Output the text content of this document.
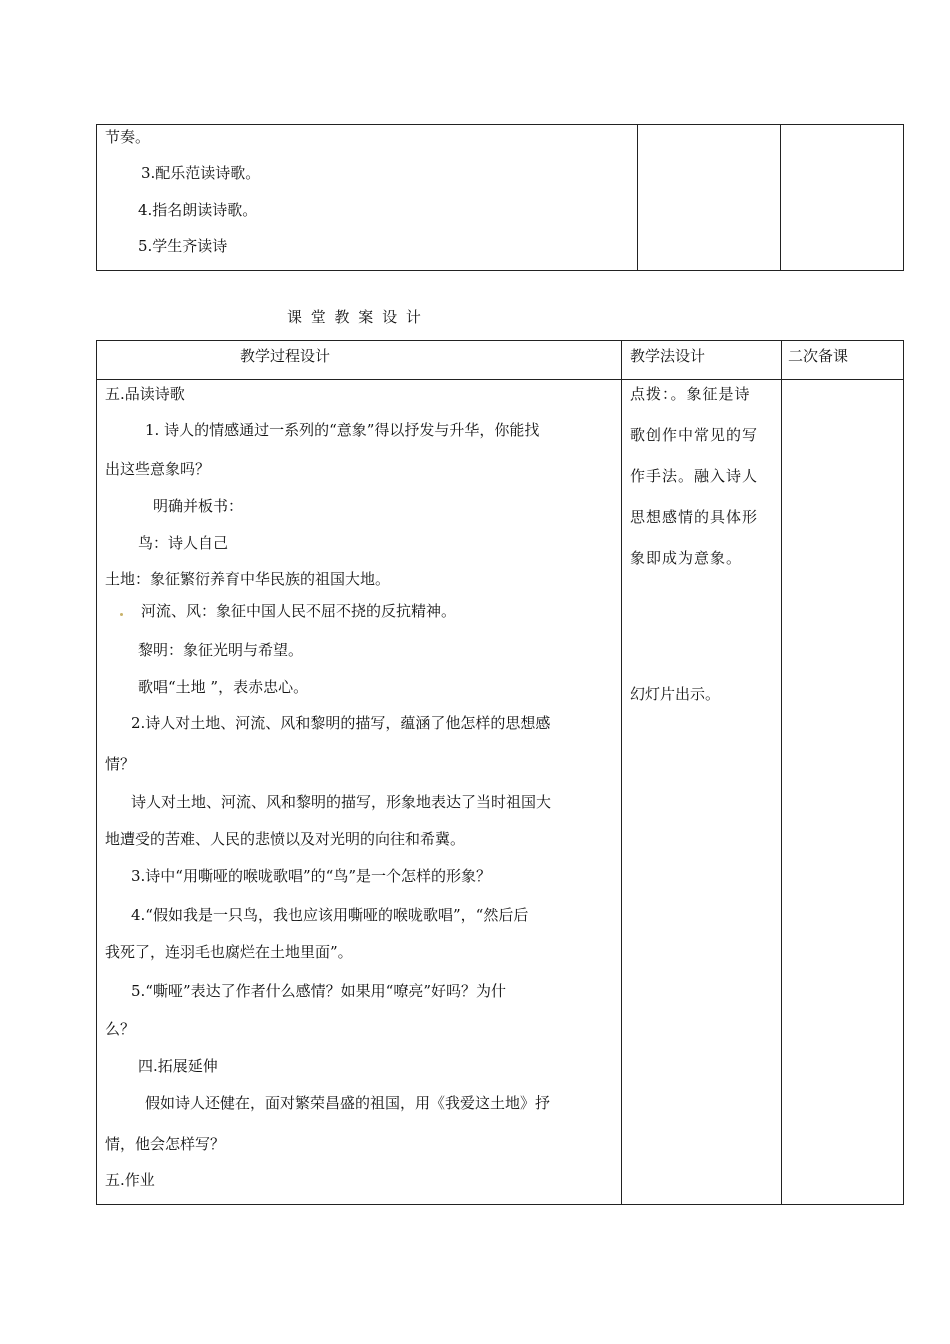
节奏。
3.配乐范读诗歌。
4.指名朗读诗歌。
5.学生齐读诗
课 堂 教 案 设 计
教学过程设计	教学法设计	二次备课
五.品读诗歌
1. 诗人的情感通过一系列的“意象”得以抒发与升华，你能找
出这些意象吗？
明确并板书：
鸟：诗人自己
土地：象征繁衍养育中华民族的祖国大地。
河流、风：象征中国人民不屈不挠的反抗精神。
黎明：象征光明与希望。
歌唱“土地 ”，表赤忠心。
2.诗人对土地、河流、风和黎明的描写，蕴涵了他怎样的思想感
情？
诗人对土地、河流、风和黎明的描写，形象地表达了当时祖国大
地遭受的苦难、人民的悲愤以及对光明的向往和希冀。
3.诗中“用嘶哑的喉咙歌唱”的“鸟”是一个怎样的形象？
4.“假如我是一只鸟，我也应该用嘶哑的喉咙歌唱”，“然后后
我死了，连羽毛也腐烂在土地里面”。
5.“嘶哑”表达了作者什么感情？如果用“嘹亮”好吗？为什
么？
四.拓展延伸
假如诗人还健在，面对繁荣昌盛的祖国，用《我爱这土地》抒
情，他会怎样写？
五.作业
点拨：。象征是诗
歌创作中常见的写
作手法。融入诗人
思想感情的具体形
象即成为意象。
幻灯片出示。
